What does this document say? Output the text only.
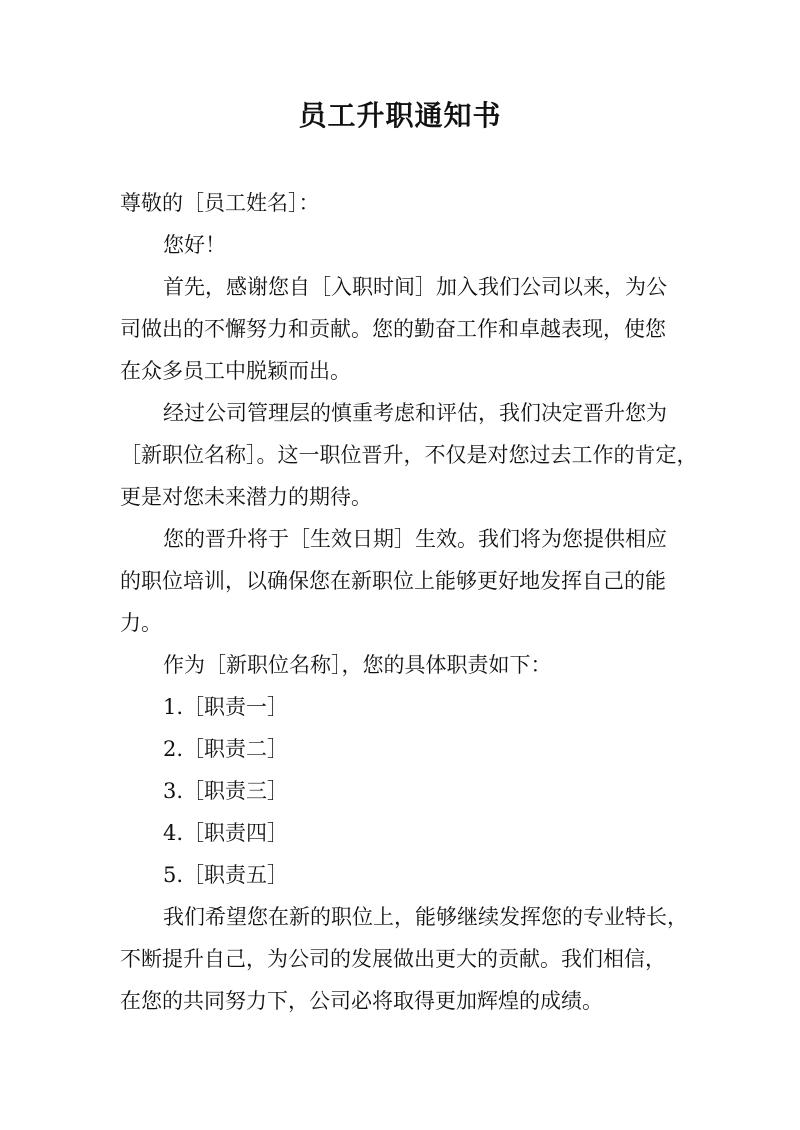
员工升职通知书
尊敬的［员工姓名］：
您好！
首先，感谢您自［入职时间］加入我们公司以来，为公
司做出的不懈努力和贡献。您的勤奋工作和卓越表现，使您
在众多员工中脱颖而出。
经过公司管理层的慎重考虑和评估，我们决定晋升您为
［新职位名称］。这一职位晋升，不仅是对您过去工作的肯定，
更是对您未来潜力的期待。
您的晋升将于［生效日期］生效。我们将为您提供相应
的职位培训，以确保您在新职位上能够更好地发挥自己的能
力。
作为［新职位名称］，您的具体职责如下：
1.［职责一］
2.［职责二］
3.［职责三］
4.［职责四］
5.［职责五］
我们希望您在新的职位上，能够继续发挥您的专业特长，
不断提升自己，为公司的发展做出更大的贡献。我们相信，
在您的共同努力下，公司必将取得更加辉煌的成绩。
